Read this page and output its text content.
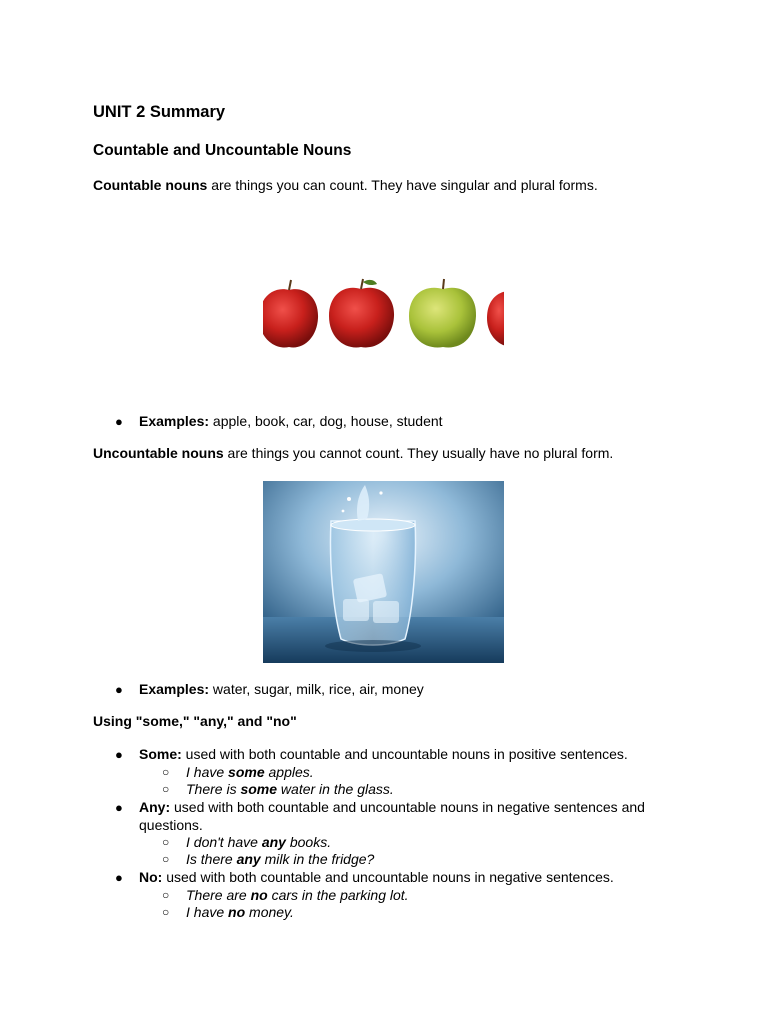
UNIT 2 Summary
Countable and Uncountable Nouns
Countable nouns are things you can count. They have singular and plural forms.
● Examples: apple, book, car, dog, house, student
Uncountable nouns are things you cannot count. They usually have no plural form.
● Examples: water, sugar, milk, rice, air, money
Using "some," "any," and "no"
● Some: used with both countable and uncountable nouns in positive sentences.
○ I have some apples.
○ There is some water in the glass.
● Any: used with both countable and uncountable nouns in negative sentences and questions.
○ I don't have any books.
○ Is there any milk in the fridge?
● No: used with both countable and uncountable nouns in negative sentences.
○ There are no cars in the parking lot.
○ I have no money.
